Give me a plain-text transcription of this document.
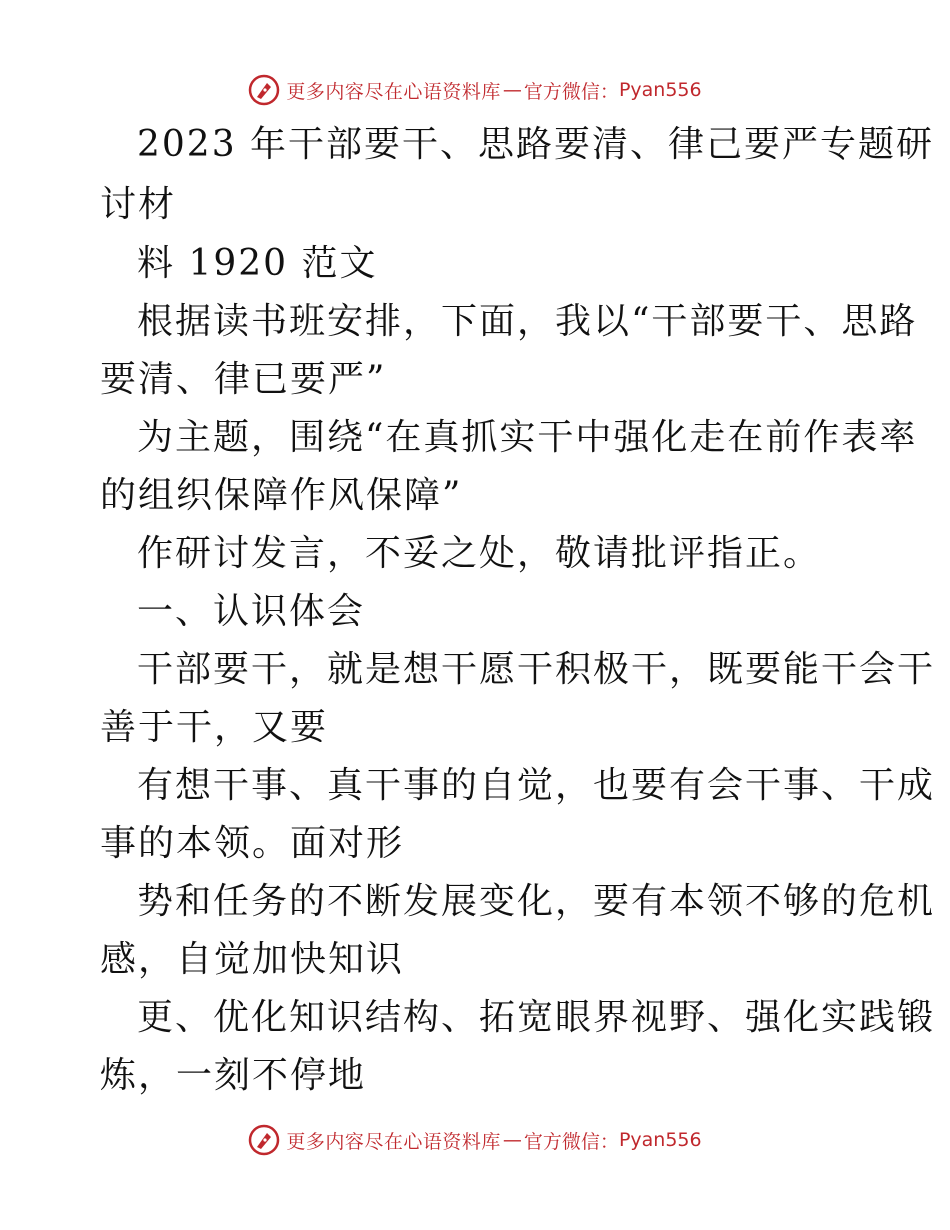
更多内容尽在心语资料库 — 官方微信： Pyan556
2023 年干部要干、思路要清、律己要严专题研
讨材
料 1920 范文
根据读书班安排，下面，我以“干部要干、思路
要清、律已要严”
为主题，围绕“在真抓实干中强化走在前作表率
的组织保障作风保障”
作研讨发言，不妥之处，敬请批评指正。
一、认识体会
干部要干，就是想干愿干积极干，既要能干会干
善于干，又要
有想干事、真干事的自觉，也要有会干事、干成
事的本领。面对形
势和任务的不断发展变化，要有本领不够的危机
感，自觉加快知识
更、优化知识结构、拓宽眼界视野、强化实践锻
炼，一刻不停地
更多内容尽在心语资料库 — 官方微信： Pyan556
